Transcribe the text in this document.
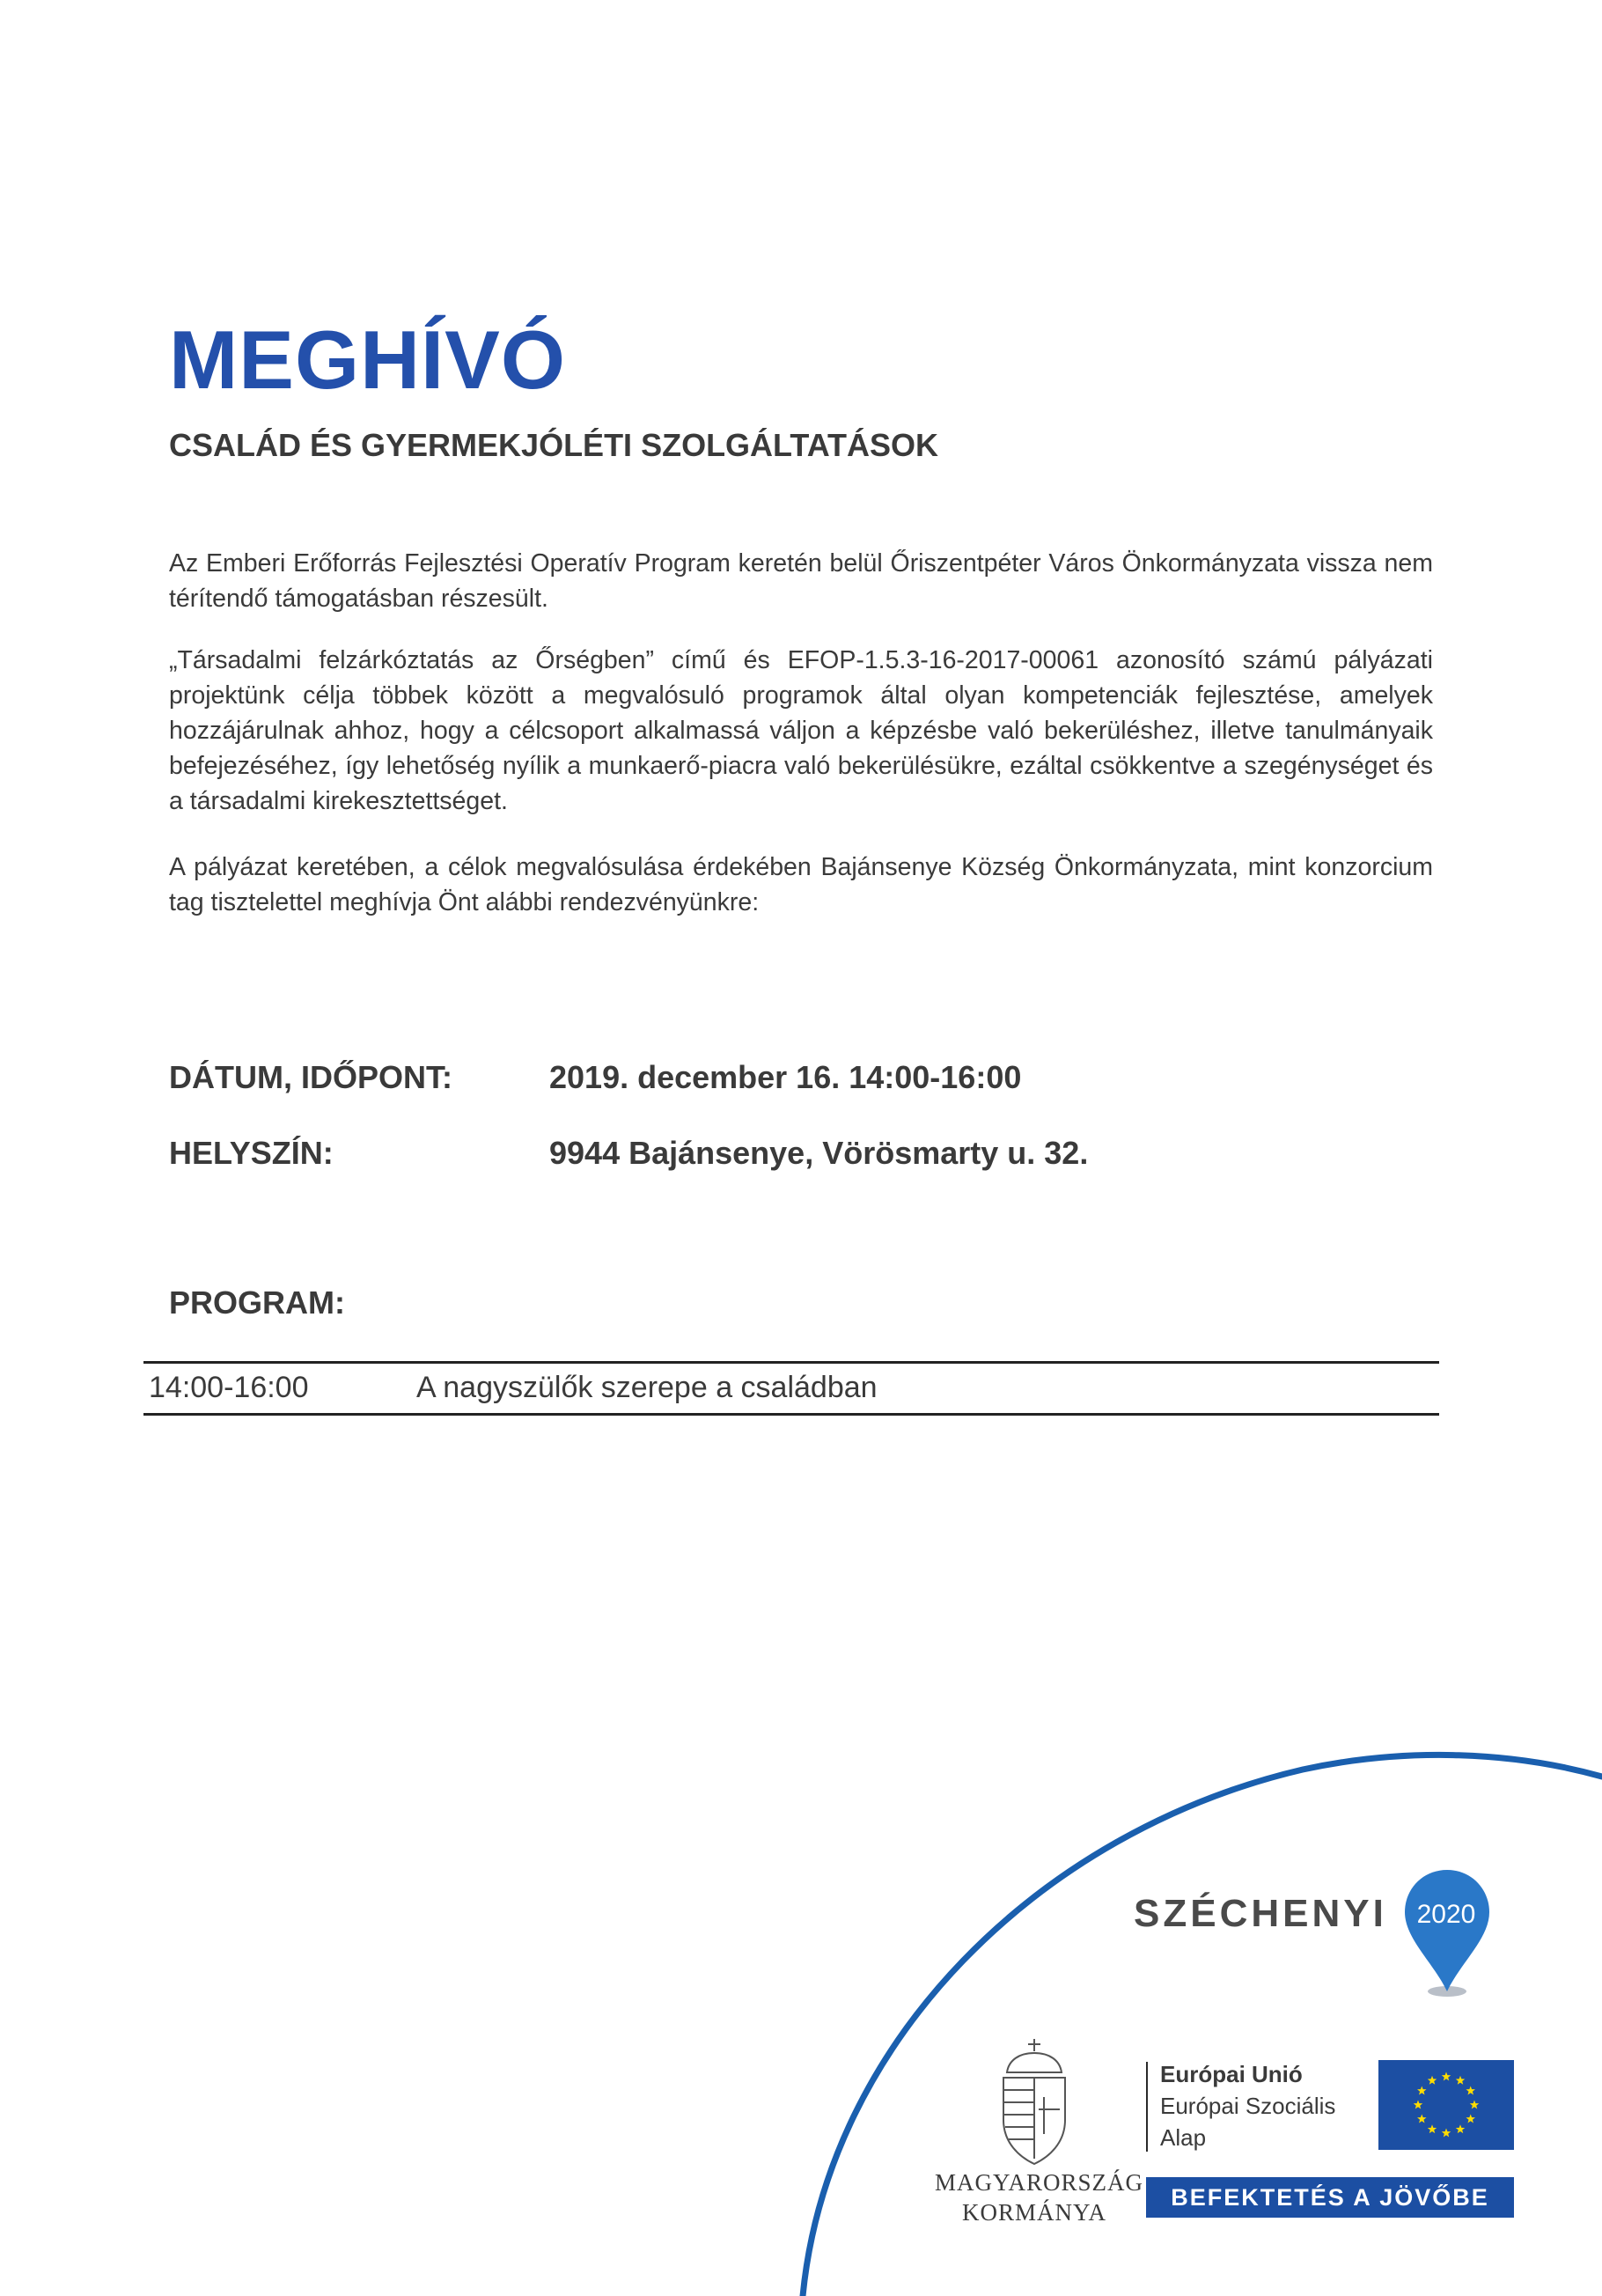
MEGHÍVÓ
CSALÁD ÉS GYERMEKJÓLÉTI SZOLGÁLTATÁSOK

Az Emberi Erőforrás Fejlesztési Operatív Program keretén belül Őriszentpéter Város Önkormányzata vissza nem térítendő támogatásban részesült.

„Társadalmi felzárkóztatás az Őrségben” című és EFOP-1.5.3-16-2017-00061 azonosító számú pályázati projektünk célja többek között a megvalósuló programok által olyan kompetenciák fejlesztése, amelyek hozzájárulnak ahhoz, hogy a célcsoport alkalmassá váljon a képzésbe való bekerüléshez, illetve tanulmányaik befejezéséhez, így lehetőség nyílik a munkaerő-piacra való bekerülésükre, ezáltal csökkentve a szegénységet és a társadalmi kirekesztettséget.

A pályázat keretében, a célok megvalósulása érdekében Bajánsenye Község Önkormányzata, mint konzorcium tag tisztelettel meghívja Önt alábbi rendezvényünkre:

DÁTUM, IDŐPONT:	2019. december 16. 14:00-16:00
HELYSZÍN:	9944 Bajánsenye, Vörösmarty u. 32.
PROGRAM:
14:00-16:00	A nagyszülők szerepe a családban
SZÉCHENYI	2020
MAGYARORSZÁG
KORMÁNYA
Európai Unió
Európai Szociális
Alap
BEFEKTETÉS A JÖVŐBE
